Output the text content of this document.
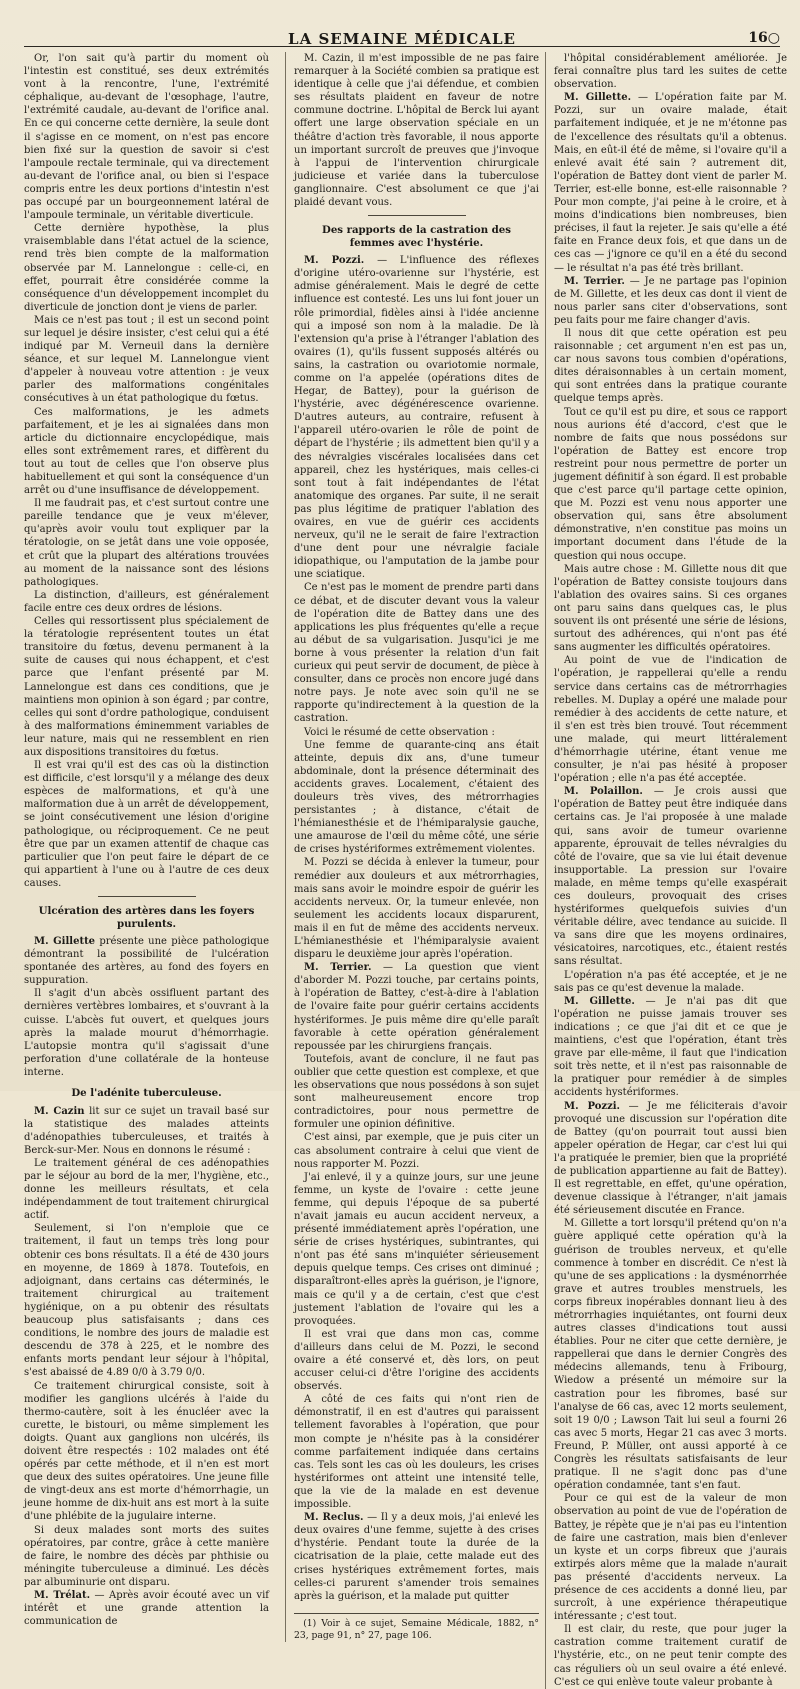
LA SEMAINE MÉDICALE	16○

Or, l'on sait qu'à partir du moment où l'intestin est constitué, ses deux extrémités vont à la rencontre, l'une, l'extrémité céphalique, au-devant de l'œsophage, l'autre, l'extrémité caudale, au-devant de l'orifice anal. En ce qui concerne cette dernière, la seule dont il s'agisse en ce moment, on n'est pas encore bien fixé sur la question de savoir si c'est l'ampoule rectale terminale, qui va directement au-devant de l'orifice anal, ou bien si l'espace compris entre les deux portions d'intestin n'est pas occupé par un bourgeonnement latéral de l'ampoule terminale, un véritable diverticule.

Cette dernière hypothèse, la plus vraisemblable dans l'état actuel de la science, rend très bien compte de la malformation observée par M. Lannelongue : celle-ci, en effet, pourrait être considérée comme la conséquence d'un développement incomplet du diverticule de jonction dont je viens de parler.

Mais ce n'est pas tout ; il est un second point sur lequel je désire insister, c'est celui qui a été indiqué par M. Verneuil dans la dernière séance, et sur lequel M. Lannelongue vient d'appeler à nouveau votre attention : je veux parler des malformations congénitales consécutives à un état pathologique du fœtus.

Ces malformations, je les admets parfaitement, et je les ai signalées dans mon article du dictionnaire encyclopédique, mais elles sont extrêmement rares, et diffèrent du tout au tout de celles que l'on observe plus habituellement et qui sont la conséquence d'un arrêt ou d'une insuffisance de développement.

Il me faudrait pas, et c'est surtout contre une pareille tendance que je veux m'élever, qu'après avoir voulu tout expliquer par la tératologie, on se jetât dans une voie opposée, et crût que la plupart des altérations trouvées au moment de la naissance sont des lésions pathologiques.

La distinction, d'ailleurs, est généralement facile entre ces deux ordres de lésions.

Celles qui ressortissent plus spécialement de la tératologie représentent toutes un état transitoire du fœtus, devenu permanent à la suite de causes qui nous échappent, et c'est parce que l'enfant présenté par M. Lannelongue est dans ces conditions, que je maintiens mon opinion à son égard ; par contre, celles qui sont d'ordre pathologique, conduisent à des malformations éminemment variables de leur nature, mais qui ne ressemblent en rien aux dispositions transitoires du fœtus.

Il est vrai qu'il est des cas où la distinction est difficile, c'est lorsqu'il y a mélange des deux espèces de malformations, et qu'à une malformation due à un arrêt de développement, se joint consécutivement une lésion d'origine pathologique, ou réciproquement. Ce ne peut être que par un examen attentif de chaque cas particulier que l'on peut faire le départ de ce qui appartient à l'une ou à l'autre de ces deux causes.

Ulcération des artères dans les foyers purulents.

M. Gillette présente une pièce pathologique démontrant la possibilité de l'ulcération spontanée des artères, au fond des foyers en suppuration.

Il s'agit d'un abcès ossifluent partant des dernières vertèbres lombaires, et s'ouvrant à la cuisse. L'abcès fut ouvert, et quelques jours après la malade mourut d'hémorrhagie. L'autopsie montra qu'il s'agissait d'une perforation d'une collatérale de la honteuse interne.

De l'adénite tuberculeuse.

M. Cazin lit sur ce sujet un travail basé sur la statistique des malades atteints d'adénopathies tuberculeuses, et traités à Berck-sur-Mer. Nous en donnons le résumé :

Le traitement général de ces adénopathies par le séjour au bord de la mer, l'hygiène, etc., donne les meilleurs résultats, et cela indépendamment de tout traitement chirurgical actif.

Seulement, si l'on n'emploie que ce traitement, il faut un temps très long pour obtenir ces bons résultats. Il a été de 430 jours en moyenne, de 1869 à 1878. Toutefois, en adjoignant, dans certains cas déterminés, le traitement chirurgical au traitement hygiénique, on a pu obtenir des résultats beaucoup plus satisfaisants ; dans ces conditions, le nombre des jours de maladie est descendu de 378 à 225, et le nombre des enfants morts pendant leur séjour à l'hôpital, s'est abaissé de 4.89 0/0 à 3.79 0/0.

Ce traitement chirurgical consiste, soit à modifier les ganglions ulcérés à l'aide du thermo-cautère, soit à les énucléer avec la curette, le bistouri, ou même simplement les doigts. Quant aux ganglions non ulcérés, ils doivent être respectés : 102 malades ont été opérés par cette méthode, et il n'en est mort que deux des suites opératoires. Une jeune fille de vingt-deux ans est morte d'hémorrhagie, un jeune homme de dix-huit ans est mort à la suite d'une phlébite de la jugulaire interne.

Si deux malades sont morts des suites opératoires, par contre, grâce à cette manière de faire, le nombre des décès par phthisie ou méningite tuberculeuse a diminué. Les décès par albuminurie ont disparu.

M. Trélat. — Après avoir écouté avec un vif intérêt et une grande attention la communication de

M. Cazin, il m'est impossible de ne pas faire remarquer à la Société combien sa pratique est identique à celle que j'ai défendue, et combien ses résultats plaident en faveur de notre commune doctrine. L'hôpital de Berck lui ayant offert une large observation spéciale en un théâtre d'action très favorable, il nous apporte un important surcroît de preuves que j'invoque à l'appui de l'intervention chirurgicale judicieuse et variée dans la tuberculose ganglionnaire. C'est absolument ce que j'ai plaidé devant vous.

Des rapports de la castration des femmes avec l'hystérie.

M. Pozzi. — L'influence des réflexes d'origine utéro-ovarienne sur l'hystérie, est admise généralement. Mais le degré de cette influence est contesté. Les uns lui font jouer un rôle primordial, fidèles ainsi à l'idée ancienne qui a imposé son nom à la maladie. De là l'extension qu'a prise à l'étranger l'ablation des ovaires (1), qu'ils fussent supposés altérés ou sains, la castration ou ovariotomie normale, comme on l'a appelée (opérations dites de Hegar, de Battey), pour la guérison de l'hystérie, avec dégénérescence ovarienne. D'autres auteurs, au contraire, refusent à l'appareil utéro-ovarien le rôle de point de départ de l'hystérie ; ils admettent bien qu'il y a des névralgies viscérales localisées dans cet appareil, chez les hystériques, mais celles-ci sont tout à fait indépendantes de l'état anatomique des organes. Par suite, il ne serait pas plus légitime de pratiquer l'ablation des ovaires, en vue de guérir ces accidents nerveux, qu'il ne le serait de faire l'extraction d'une dent pour une névralgie faciale idiopathique, ou l'amputation de la jambe pour une sciatique.

Ce n'est pas le moment de prendre parti dans ce débat, et de discuter devant vous la valeur de l'opération dite de Battey dans une des applications les plus fréquentes qu'elle a reçue au début de sa vulgarisation. Jusqu'ici je me borne à vous présenter la relation d'un fait curieux qui peut servir de document, de pièce à consulter, dans ce procès non encore jugé dans notre pays. Je note avec soin qu'il ne se rapporte qu'indirectement à la question de la castration.

Voici le résumé de cette observation :

Une femme de quarante-cinq ans était atteinte, depuis dix ans, d'une tumeur abdominale, dont la présence déterminait des accidents graves. Localement, c'étaient des douleurs très vives, des métrorrhagies persistantes ; à distance, c'était de l'hémianesthésie et de l'hémiparalysie gauche, une amaurose de l'œil du même côté, une série de crises hystériformes extrêmement violentes.

M. Pozzi se décida à enlever la tumeur, pour remédier aux douleurs et aux métrorrhagies, mais sans avoir le moindre espoir de guérir les accidents nerveux. Or, la tumeur enlevée, non seulement les accidents locaux disparurent, mais il en fut de même des accidents nerveux. L'hémianesthésie et l'hémiparalysie avaient disparu le deuxième jour après l'opération.

M. Terrier. — La question que vient d'aborder M. Pozzi touche, par certains points, à l'opération de Battey, c'est-à-dire à l'ablation de l'ovaire faite pour guérir certains accidents hystériformes. Je puis même dire qu'elle paraît favorable à cette opération généralement repoussée par les chirurgiens français.

Toutefois, avant de conclure, il ne faut pas oublier que cette question est complexe, et que les observations que nous possédons à son sujet sont malheureusement encore trop contradictoires, pour nous permettre de formuler une opinion définitive.

C'est ainsi, par exemple, que je puis citer un cas absolument contraire à celui que vient de nous rapporter M. Pozzi.

J'ai enlevé, il y a quinze jours, sur une jeune femme, un kyste de l'ovaire : cette jeune femme, qui depuis l'époque de sa puberté n'avait jamais eu aucun accident nerveux, a présenté immédiatement après l'opération, une série de crises hystériques, subintrantes, qui n'ont pas été sans m'inquiéter sérieusement depuis quelque temps. Ces crises ont diminué ; disparaîtront-elles après la guérison, je l'ignore, mais ce qu'il y a de certain, c'est que c'est justement l'ablation de l'ovaire qui les a provoquées.

Il est vrai que dans mon cas, comme d'ailleurs dans celui de M. Pozzi, le second ovaire a été conservé et, dès lors, on peut accuser celui-ci d'être l'origine des accidents observés.

A côté de ces faits qui n'ont rien de démonstratif, il en est d'autres qui paraissent tellement favorables à l'opération, que pour mon compte je n'hésite pas à la considérer comme parfaitement indiquée dans certains cas. Tels sont les cas où les douleurs, les crises hystériformes ont atteint une intensité telle, que la vie de la malade en est devenue impossible.

M. Reclus. — Il y a deux mois, j'ai enlevé les deux ovaires d'une femme, sujette à des crises d'hystérie. Pendant toute la durée de la cicatrisation de la plaie, cette malade eut des crises hystériques extrêmement fortes, mais celles-ci parurent s'amender trois semaines après la guérison, et la malade put quitter

(1) Voir à ce sujet, Semaine Médicale, 1882, n° 23, page 91, n° 27, page 106.

l'hôpital considérablement améliorée. Je ferai connaître plus tard les suites de cette observation.

M. Gillette. — L'opération faite par M. Pozzi, sur un ovaire malade, était parfaitement indiquée, et je ne m'étonne pas de l'excellence des résultats qu'il a obtenus. Mais, en eût-il été de même, si l'ovaire qu'il a enlevé avait été sain ? autrement dit, l'opération de Battey dont vient de parler M. Terrier, est-elle bonne, est-elle raisonnable ? Pour mon compte, j'ai peine à le croire, et à moins d'indications bien nombreuses, bien précises, il faut la rejeter. Je sais qu'elle a été faite en France deux fois, et que dans un de ces cas — j'ignore ce qu'il en a été du second — le résultat n'a pas été très brillant.

M. Terrier. — Je ne partage pas l'opinion de M. Gillette, et les deux cas dont il vient de nous parler sans citer d'observations, sont peu faits pour me faire changer d'avis.

Il nous dit que cette opération est peu raisonnable ; cet argument n'en est pas un, car nous savons tous combien d'opérations, dites déraisonnables à un certain moment, qui sont entrées dans la pratique courante quelque temps après.

Tout ce qu'il est pu dire, et sous ce rapport nous aurions été d'accord, c'est que le nombre de faits que nous possédons sur l'opération de Battey est encore trop restreint pour nous permettre de porter un jugement définitif à son égard. Il est probable que c'est parce qu'il partage cette opinion, que M. Pozzi est venu nous apporter une observation qui, sans être absolument démonstrative, n'en constitue pas moins un important document dans l'étude de la question qui nous occupe.

Mais autre chose : M. Gillette nous dit que l'opération de Battey consiste toujours dans l'ablation des ovaires sains. Si ces organes ont paru sains dans quelques cas, le plus souvent ils ont présenté une série de lésions, surtout des adhérences, qui n'ont pas été sans augmenter les difficultés opératoires.

Au point de vue de l'indication de l'opération, je rappellerai qu'elle a rendu service dans certains cas de métrorrhagies rebelles. M. Duplay a opéré une malade pour remédier à des accidents de cette nature, et il s'en est très bien trouvé. Tout récemment une malade, qui meurt littéralement d'hémorrhagie utérine, étant venue me consulter, je n'ai pas hésité à proposer l'opération ; elle n'a pas été acceptée.

M. Polaillon. — Je crois aussi que l'opération de Battey peut être indiquée dans certains cas. Je l'ai proposée à une malade qui, sans avoir de tumeur ovarienne apparente, éprouvait de telles névralgies du côté de l'ovaire, que sa vie lui était devenue insupportable. La pression sur l'ovaire malade, en même temps qu'elle exaspérait ces douleurs, provoquait des crises hystériformes quelquefois suivies d'un véritable délire, avec tendance au suicide. Il va sans dire que les moyens ordinaires, vésicatoires, narcotiques, etc., étaient restés sans résultat.

L'opération n'a pas été acceptée, et je ne sais pas ce qu'est devenue la malade.

M. Gillette. — Je n'ai pas dit que l'opération ne puisse jamais trouver ses indications ; ce que j'ai dit et ce que je maintiens, c'est que l'opération, étant très grave par elle-même, il faut que l'indication soit très nette, et il n'est pas raisonnable de la pratiquer pour remédier à de simples accidents hystériformes.

M. Pozzi. — Je me féliciterais d'avoir provoqué une discussion sur l'opération dite de Battey (qu'on pourrait tout aussi bien appeler opération de Hegar, car c'est lui qui l'a pratiquée le premier, bien que la propriété de publication appartienne au fait de Battey). Il est regrettable, en effet, qu'une opération, devenue classique à l'étranger, n'ait jamais été sérieusement discutée en France.

M. Gillette a tort lorsqu'il prétend qu'on n'a guère appliqué cette opération qu'à la guérison de troubles nerveux, et qu'elle commence à tomber en discrédit. Ce n'est là qu'une de ses applications : la dysménorrhée grave et autres troubles menstruels, les corps fibreux inopérables donnant lieu à des métrorrhagies inquiétantes, ont fourni deux autres classes d'indications tout aussi établies. Pour ne citer que cette dernière, je rappellerai que dans le dernier Congrès des médecins allemands, tenu à Fribourg, Wiedow a présenté un mémoire sur la castration pour les fibromes, basé sur l'analyse de 66 cas, avec 12 morts seulement, soit 19 0/0 ; Lawson Tait lui seul a fourni 26 cas avec 5 morts, Hegar 21 cas avec 3 morts. Freund, P. Müller, ont aussi apporté à ce Congrès les résultats satisfaisants de leur pratique. Il ne s'agit donc pas d'une opération condamnée, tant s'en faut.

Pour ce qui est de la valeur de mon observation au point de vue de l'opération de Battey, je répète que je n'ai pas eu l'intention de faire une castration, mais bien d'enlever un kyste et un corps fibreux que j'aurais extirpés alors même que la malade n'aurait pas présenté d'accidents nerveux. La présence de ces accidents a donné lieu, par surcroît, à une expérience thérapeutique intéressante ; c'est tout.

Il est clair, du reste, que pour juger la castration comme traitement curatif de l'hystérie, etc., on ne peut tenir compte des cas réguliers où un seul ovaire a été enlevé. C'est ce qui enlève toute valeur probante à
